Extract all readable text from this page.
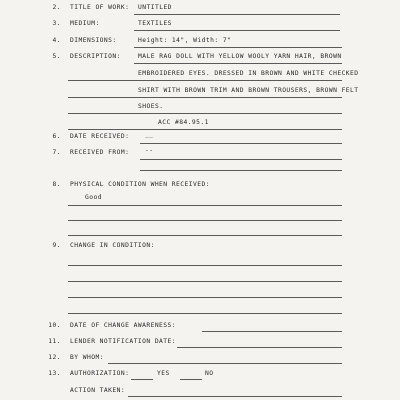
2. TITLE OF WORK: UNTITLED
3. MEDIUM:	TEXTILES
4. DIMENSIONS:	Height: 14", Width: 7"
5. DESCRIPTION:	MALE RAG DOLL WITH YELLOW WOOLY YARN HAIR, BROWN
EMBROIDERED EYES. DRESSED IN BROWN AND WHITE CHECKED
SHIRT WITH BROWN TRIM AND BROWN TROUSERS, BROWN FELT
SHOES.
ACC #84.95.1
6. DATE RECEIVED: __
7. RECEIVED FROM: --
8. PHYSICAL CONDITION WHEN RECEIVED:
Good
9. CHANGE IN CONDITION:
10. DATE OF CHANGE AWARENESS:
11. LENDER NOTIFICATION DATE:
12. BY WHOM:
13. AUTHORIZATION:	YES	NO
ACTION TAKEN:
